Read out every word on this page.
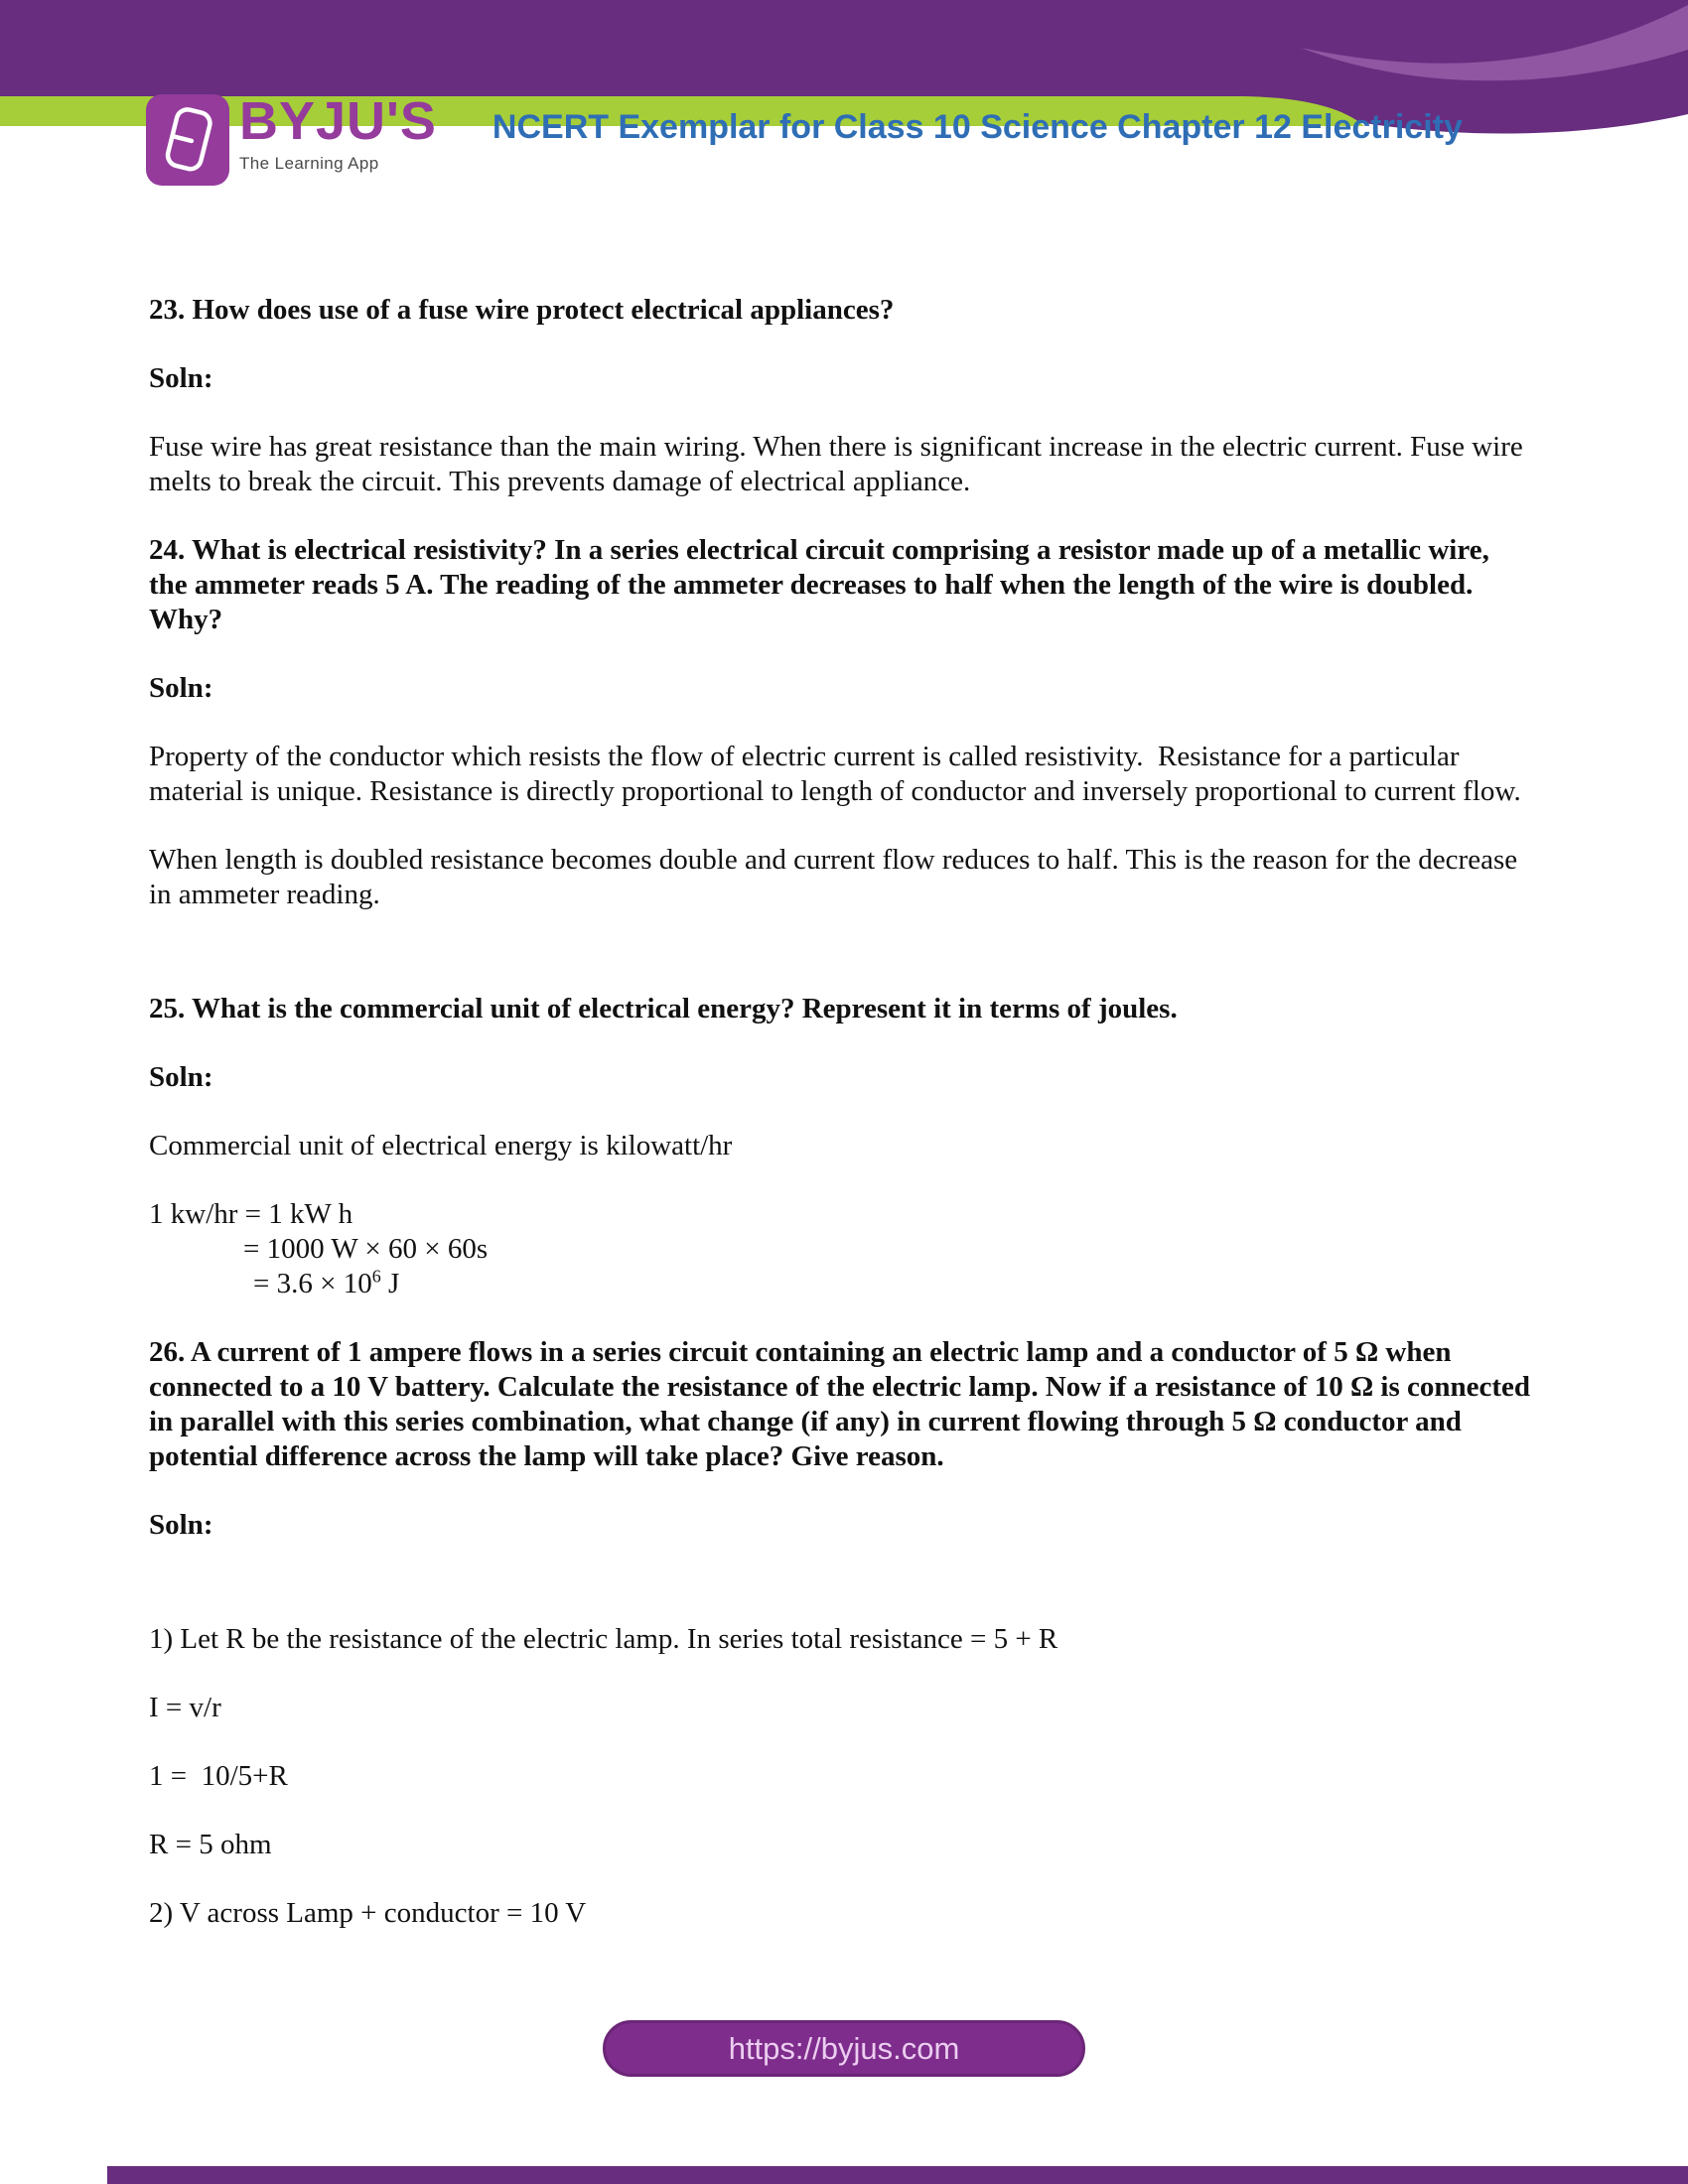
BYJU'S
The Learning App
NCERT Exemplar for Class 10 Science Chapter 12 Electricity

23. How does use of a fuse wire protect electrical appliances?

Soln:

Fuse wire has great resistance than the main wiring. When there is significant increase in the electric current. Fuse wire melts to break the circuit. This prevents damage of electrical appliance.

24. What is electrical resistivity? In a series electrical circuit comprising a resistor made up of a metallic wire, the ammeter reads 5 A. The reading of the ammeter decreases to half when the length of the wire is doubled. Why?

Soln:

Property of the conductor which resists the flow of electric current is called resistivity.  Resistance for a particular material is unique. Resistance is directly proportional to length of conductor and inversely proportional to current flow.

When length is doubled resistance becomes double and current flow reduces to half. This is the reason for the decrease in ammeter reading.

25. What is the commercial unit of electrical energy? Represent it in terms of joules.

Soln:

Commercial unit of electrical energy is kilowatt/hr

1 kw/hr = 1 kW h

= 1000 W × 60 × 60s

= $3.6 \times 10^6$ J

26. A current of 1 ampere flows in a series circuit containing an electric lamp and a conductor of 5 Ω when connected to a 10 V battery. Calculate the resistance of the electric lamp. Now if a resistance of 10 Ω is connected in parallel with this series combination, what change (if any) in current flowing through 5 Ω conductor and potential difference across the lamp will take place? Give reason.

Soln:

1) Let R be the resistance of the electric lamp. In series total resistance = 5 + R

I = v/r

1 =  10/5+R

R = 5 ohm

2) V across Lamp + conductor = 10 V

https://byjus.com
